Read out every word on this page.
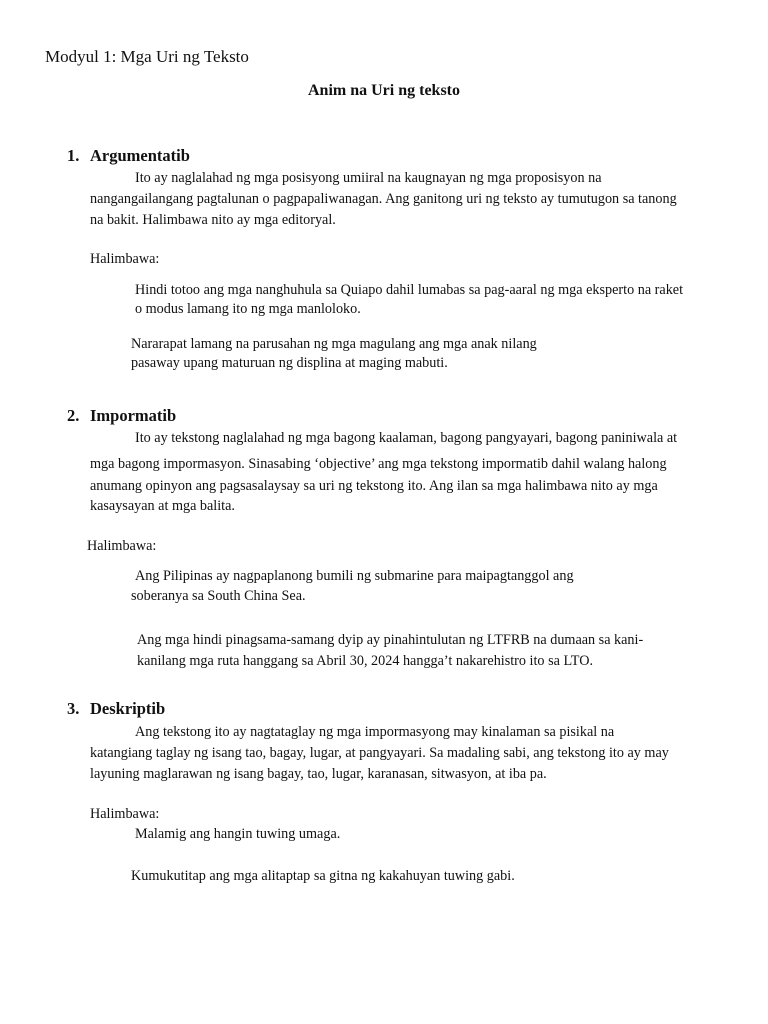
Modyul 1: Mga Uri ng Teksto
Anim na Uri ng teksto
1. Argumentatib
Ito ay naglalahad ng mga posisyong umiiral na kaugnayan ng mga proposisyon na
nangangailangang pagtalunan o pagpapaliwanagan. Ang ganitong uri ng teksto ay tumutugon sa tanong
na bakit. Halimbawa nito ay mga editoryal.
Halimbawa:
Hindi totoo ang mga nanghuhula sa Quiapo dahil lumabas sa pag-aaral ng mga eksperto na raket
o modus lamang ito ng mga manloloko.
Nararapat lamang na parusahan ng mga magulang ang mga anak nilang
pasaway upang maturuan ng displina at maging mabuti.
2. Impormatib
Ito ay tekstong naglalahad ng mga bagong kaalaman, bagong pangyayari, bagong paniniwala at
mga bagong impormasyon. Sinasabing ‘objective’ ang mga tekstong impormatib dahil walang halong
anumang opinyon ang pagsasalaysay sa uri ng tekstong ito. Ang ilan sa mga halimbawa nito ay mga
kasaysayan at mga balita.
Halimbawa:
Ang Pilipinas ay nagpaplanong bumili ng submarine para maipagtanggol ang
soberanya sa South China Sea.
Ang mga hindi pinagsama-samang dyip ay pinahintulutan ng LTFRB na dumaan sa kani-
kanilang mga ruta hanggang sa Abril 30, 2024 hangga’t nakarehistro ito sa LTO.
3. Deskriptib
Ang tekstong ito ay nagtataglay ng mga impormasyong may kinalaman sa pisikal na
katangiang taglay ng isang tao, bagay, lugar, at pangyayari. Sa madaling sabi, ang tekstong ito ay may
layuning maglarawan ng isang bagay, tao, lugar, karanasan, sitwasyon, at iba pa.
Halimbawa:
Malamig ang hangin tuwing umaga.
Kumukutitap ang mga alitaptap sa gitna ng kakahuyan tuwing gabi.
